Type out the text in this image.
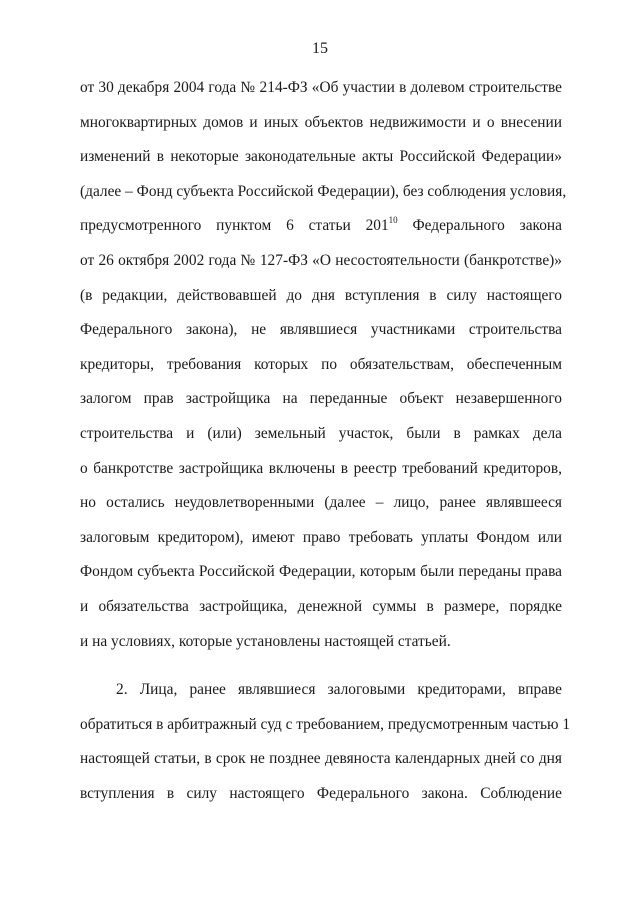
15
от 30 декабря 2004 года № 214-ФЗ «Об участии в долевом строительстве
многоквартирных домов и иных объектов недвижимости и о внесении
изменений в некоторые законодательные акты Российской Федерации»
(далее – Фонд субъекта Российской Федерации), без соблюдения условия,
предусмотренного пунктом 6 статьи $201^{10}$ Федерального закона
от 26 октября 2002 года № 127-ФЗ «О несостоятельности (банкротстве)»
(в редакции, действовавшей до дня вступления в силу настоящего
Федерального закона), не являвшиеся участниками строительства
кредиторы, требования которых по обязательствам, обеспеченным
залогом прав застройщика на переданные объект незавершенного
строительства и (или) земельный участок, были в рамках дела
о банкротстве застройщика включены в реестр требований кредиторов,
но остались неудовлетворенными (далее – лицо, ранее являвшееся
залоговым кредитором), имеют право требовать уплаты Фондом или
Фондом субъекта Российской Федерации, которым были переданы права
и обязательства застройщика, денежной суммы в размере, порядке
и на условиях, которые установлены настоящей статьей.
2. Лица, ранее являвшиеся залоговыми кредиторами, вправе
обратиться в арбитражный суд с требованием, предусмотренным частью 1
настоящей статьи, в срок не позднее девяноста календарных дней со дня
вступления в силу настоящего Федерального закона. Соблюдение
